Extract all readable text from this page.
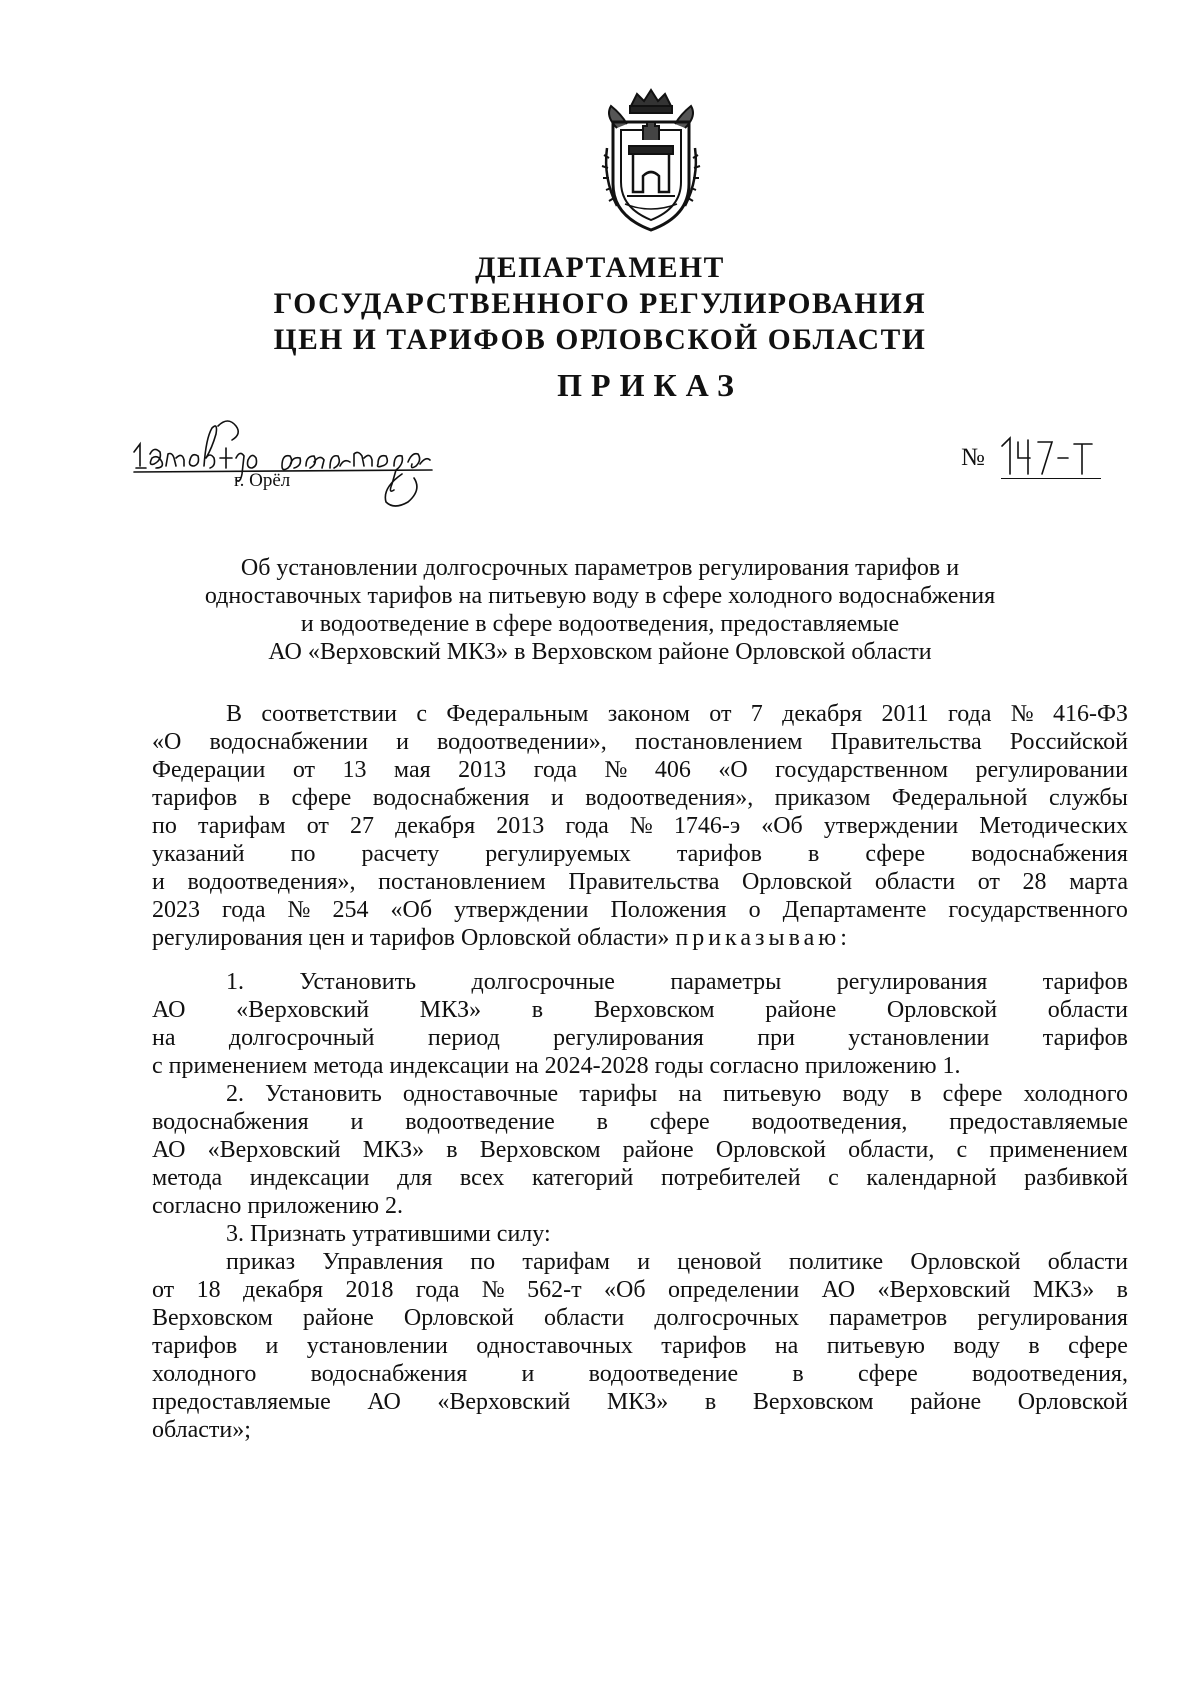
ДЕПАРТАМЕНТ
ГОСУДАРСТВЕННОГО РЕГУЛИРОВАНИЯ
ЦЕН И ТАРИФОВ ОРЛОВСКОЙ ОБЛАСТИ
ПРИКАЗ
г. Орёл
№
Об установлении долгосрочных параметров регулирования тарифов и
одноставочных тарифов на питьевую воду в сфере холодного водоснабжения
и водоотведение в сфере водоотведения, предоставляемые
АО «Верховский МКЗ» в Верховском районе Орловской области
В соответствии с Федеральным законом от 7 декабря 2011 года № 416-ФЗ
«О водоснабжении и водоотведении», постановлением Правительства Российской
Федерации от 13 мая 2013 года № 406 «О государственном регулировании
тарифов в сфере водоснабжения и водоотведения», приказом Федеральной службы
по тарифам от 27 декабря 2013 года № 1746-э «Об утверждении Методических
указаний по расчету регулируемых тарифов в сфере водоснабжения
и водоотведения», постановлением Правительства Орловской области от 28 марта
2023 года № 254 «Об утверждении Положения о Департаменте государственного
регулирования цен и тарифов Орловской области» приказываю:
1. Установить долгосрочные параметры регулирования тарифов
АО «Верховский МКЗ» в Верховском районе Орловской области
на долгосрочный период регулирования при установлении тарифов
с применением метода индексации на 2024-2028 годы согласно приложению 1.
2. Установить одноставочные тарифы на питьевую воду в сфере холодного
водоснабжения и водоотведение в сфере водоотведения, предоставляемые
АО «Верховский МКЗ» в Верховском районе Орловской области, с применением
метода индексации для всех категорий потребителей с календарной разбивкой
согласно приложению 2.
3. Признать утратившими силу:
приказ Управления по тарифам и ценовой политике Орловской области
от 18 декабря 2018 года № 562-т «Об определении АО «Верховский МКЗ» в
Верховском районе Орловской области долгосрочных параметров регулирования
тарифов и установлении одноставочных тарифов на питьевую воду в сфере
холодного водоснабжения и водоотведение в сфере водоотведения,
предоставляемые АО «Верховский МКЗ» в Верховском районе Орловской
области»;
